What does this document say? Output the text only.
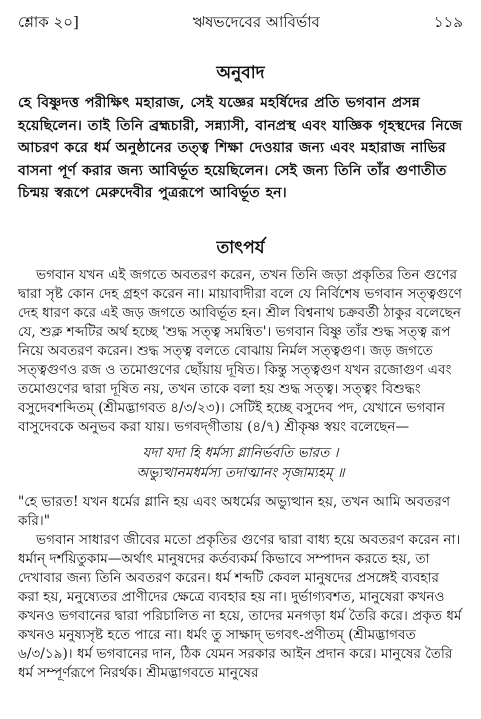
শ্লোক ২০]	ঋষভদেবের আবির্ভাব	১১৯
অনুবাদ

হে বিষ্ণুদত্ত পরীক্ষিৎ মহারাজ, সেই যজ্ঞের মহর্ষিদের প্রতি ভগবান প্রসন্ন হয়েছিলেন। তাই তিনি ব্রহ্মচারী, সন্ন্যাসী, বানপ্রস্থ এবং যাজ্ঞিক গৃহস্থদের নিজে আচরণ করে ধর্ম অনুষ্ঠানের তত্ত্ব শিক্ষা দেওয়ার জন্য এবং মহারাজ নাভির বাসনা পূর্ণ করার জন্য আবির্ভূত হয়েছিলেন। সেই জন্য তিনি তাঁর গুণাতীত চিন্ময় স্বরূপে মেরুদেবীর পুত্ররূপে আবির্ভূত হন।

তাৎপর্য

ভগবান যখন এই জগতে অবতরণ করেন, তখন তিনি জড়া প্রকৃতির তিন গুণের দ্বারা সৃষ্ট কোন দেহ গ্রহণ করেন না। মায়াবাদীরা বলে যে নির্বিশেষ ভগবান সত্ত্বগুণে দেহ ধারণ করে এই জড় জগতে আবির্ভূত হন। শ্রীল বিশ্বনাথ চক্রবর্তী ঠাকুর বলেছেন যে, শুক্ল শব্দটির অর্থ হচ্ছে 'শুদ্ধ সত্ত্ব সমন্বিত'। ভগবান বিষ্ণু তাঁর শুদ্ধ সত্ত্ব রূপ নিয়ে অবতরণ করেন। শুদ্ধ সত্ত্ব বলতে বোঝায় নির্মল সত্ত্বগুণ। জড় জগতে সত্ত্বগুণও রজ ও তমোগুণের ছোঁয়ায় দূষিত। কিন্তু সত্ত্বগুণ যখন রজোগুণ এবং তমোগুণের দ্বারা দূষিত নয়, তখন তাকে বলা হয় শুদ্ধ সত্ত্ব। সত্ত্বং বিশুদ্ধং বসুদেবশব্দিতম্ (শ্রীমদ্ভাগবত ৪/৩/২৩)। সেটিই হচ্ছে বসুদেব পদ, যেখানে ভগবান বাসুদেবকে অনুভব করা যায়। ভগবদ্‌গীতায় (৪/৭) শ্রীকৃষ্ণ স্বয়ং বলেছেন—

যদা যদা হি ধর্মস্য গ্লানির্ভবতি ভারত ।
অভ্যুত্থানমধর্মস্য তদাত্মানং সৃজাম্যহম্ ॥

"হে ভারত! যখন ধর্মের গ্লানি হয় এবং অধর্মের অভ্যুত্থান হয়, তখন আমি অবতরণ করি।"

ভগবান সাধারণ জীবের মতো প্রকৃতির গুণের দ্বারা বাধ্য হয়ে অবতরণ করেন না। ধর্মান্ দর্শয়িতুকাম—অর্থাৎ মানুষদের কর্তব্যকর্ম কিভাবে সম্পাদন করতে হয়, তা দেখাবার জন্য তিনি অবতরণ করেন। ধর্ম শব্দটি কেবল মানুষদের প্রসঙ্গেই ব্যবহার করা হয়, মনুষ্যেতর প্রাণীদের ক্ষেত্রে ব্যবহার হয় না। দুর্ভাগ্যবশত, মানুষেরা কখনও কখনও ভগবানের দ্বারা পরিচালিত না হয়ে, তাদের মনগড়া ধর্ম তৈরি করে। প্রকৃত ধর্ম কখনও মনুষ্যসৃষ্ট হতে পারে না। ধর্মং তু সাক্ষাদ্ ভগবৎ-প্রণীতম্ (শ্রীমদ্ভাগবত ৬/৩/১৯)। ধর্ম ভগবানের দান, ঠিক যেমন সরকার আইন প্রদান করে। মানুষের তৈরি ধর্ম সম্পূর্ণরূপে নিরর্থক। শ্রীমদ্ভাগবতে মানুষের
